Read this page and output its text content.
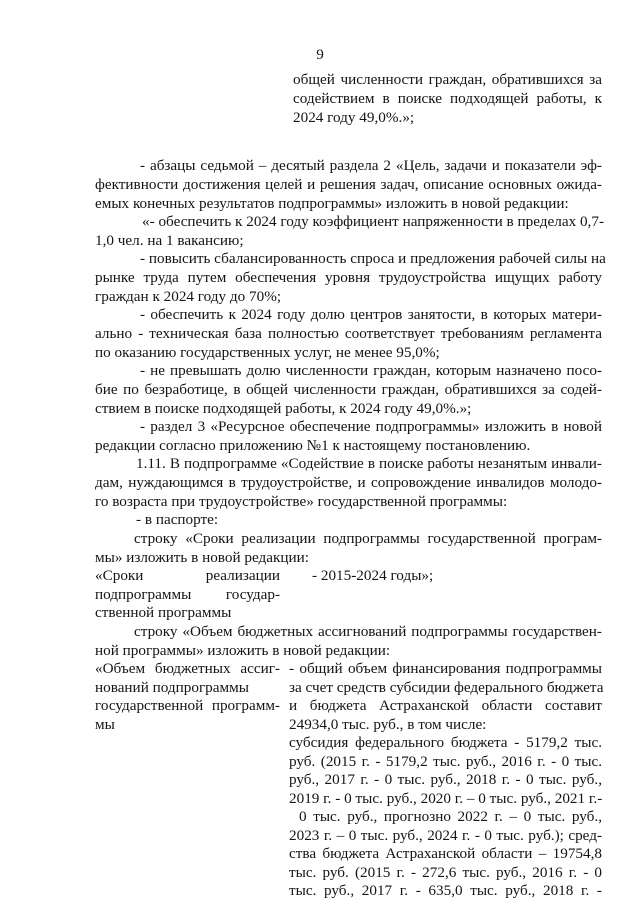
9
общей численности граждан, обратившихся за
содействием в поиске подходящей работы, к
2024 году 49,0%.»;
- абзацы седьмой – десятый раздела 2 «Цель, задачи и показатели эф-
фективности достижения целей и решения задач, описание основных ожида-
емых конечных результатов подпрограммы» изложить в новой редакции:
«- обеспечить к 2024 году коэффициент напряженности в пределах 0,7-
1,0 чел. на 1 вакансию;
- повысить сбалансированность спроса и предложения рабочей силы на
рынке труда путем обеспечения уровня трудоустройства ищущих работу
граждан к 2024 году до 70%;
- обеспечить к 2024 году долю центров занятости, в которых матери-
ально - техническая база полностью соответствует требованиям регламента
по оказанию государственных услуг, не менее 95,0%;
- не превышать долю численности граждан, которым назначено посо-
бие по безработице, в общей численности граждан, обратившихся за содей-
ствием в поиске подходящей работы, к 2024 году 49,0%.»;
- раздел 3 «Ресурсное обеспечение подпрограммы» изложить в новой
редакции согласно приложению №1 к настоящему постановлению.
1.11. В подпрограмме «Содействие в поиске работы незанятым инвали-
дам, нуждающимся в трудоустройстве, и сопровождение инвалидов молодо-
го возраста при трудоустройстве» государственной программы:
- в паспорте:
строку «Сроки реализации подпрограммы государственной програм-
мы» изложить в новой редакции:
«Сроки реализации - 2015-2024 годы»;
подпрограммы государ-
ственной программы
строку «Объем бюджетных ассигнований подпрограммы государствен-
ной программы» изложить в новой редакции:
«Объем бюджетных ассиг-
нований подпрограммы
государственной программ-
мы
- общий объем финансирования подпрограммы
за счет средств субсидии федерального бюджета
и бюджета Астраханской области составит
24934,0 тыс. руб., в том числе:
субсидия федерального бюджета - 5179,2 тыс.
руб. (2015 г. - 5179,2 тыс. руб., 2016 г. - 0 тыс.
руб., 2017 г. - 0 тыс. руб., 2018 г. - 0 тыс. руб.,
2019 г. - 0 тыс. руб., 2020 г. – 0 тыс. руб., 2021 г.-
0 тыс. руб., прогнозно 2022 г. – 0 тыс. руб.,
2023 г. – 0 тыс. руб., 2024 г. - 0 тыс. руб.); сред-
ства бюджета Астраханской области – 19754,8
тыс. руб. (2015 г. - 272,6 тыс. руб., 2016 г. - 0
тыс. руб., 2017 г. - 635,0 тыс. руб., 2018 г. -
